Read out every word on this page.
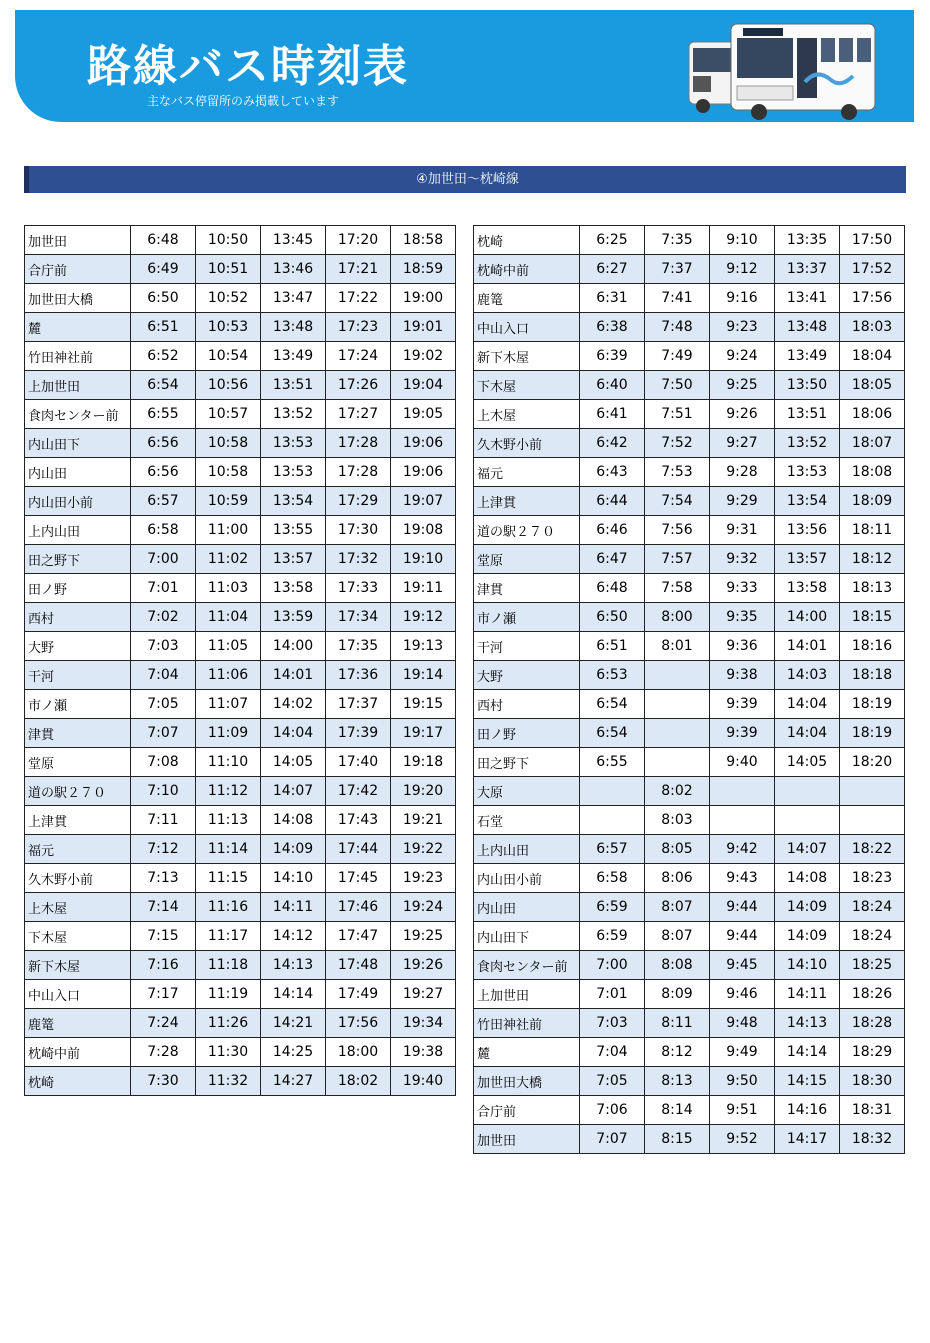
路線バス時刻表
主なバス停留所のみ掲載しています
④加世田～枕崎線
加世田	6:48	10:50	13:45	17:20	18:58
合庁前	6:49	10:51	13:46	17:21	18:59
加世田大橋	6:50	10:52	13:47	17:22	19:00
麓	6:51	10:53	13:48	17:23	19:01
竹田神社前	6:52	10:54	13:49	17:24	19:02
上加世田	6:54	10:56	13:51	17:26	19:04
食肉センター前	6:55	10:57	13:52	17:27	19:05
内山田下	6:56	10:58	13:53	17:28	19:06
内山田	6:56	10:58	13:53	17:28	19:06
内山田小前	6:57	10:59	13:54	17:29	19:07
上内山田	6:58	11:00	13:55	17:30	19:08
田之野下	7:00	11:02	13:57	17:32	19:10
田ノ野	7:01	11:03	13:58	17:33	19:11
西村	7:02	11:04	13:59	17:34	19:12
大野	7:03	11:05	14:00	17:35	19:13
干河	7:04	11:06	14:01	17:36	19:14
市ノ瀬	7:05	11:07	14:02	17:37	19:15
津貫	7:07	11:09	14:04	17:39	19:17
堂原	7:08	11:10	14:05	17:40	19:18
道の駅２７０	7:10	11:12	14:07	17:42	19:20
上津貫	7:11	11:13	14:08	17:43	19:21
福元	7:12	11:14	14:09	17:44	19:22
久木野小前	7:13	11:15	14:10	17:45	19:23
上木屋	7:14	11:16	14:11	17:46	19:24
下木屋	7:15	11:17	14:12	17:47	19:25
新下木屋	7:16	11:18	14:13	17:48	19:26
中山入口	7:17	11:19	14:14	17:49	19:27
鹿篭	7:24	11:26	14:21	17:56	19:34
枕崎中前	7:28	11:30	14:25	18:00	19:38
枕崎	7:30	11:32	14:27	18:02	19:40
枕崎	6:25	7:35	9:10	13:35	17:50
枕崎中前	6:27	7:37	9:12	13:37	17:52
鹿篭	6:31	7:41	9:16	13:41	17:56
中山入口	6:38	7:48	9:23	13:48	18:03
新下木屋	6:39	7:49	9:24	13:49	18:04
下木屋	6:40	7:50	9:25	13:50	18:05
上木屋	6:41	7:51	9:26	13:51	18:06
久木野小前	6:42	7:52	9:27	13:52	18:07
福元	6:43	7:53	9:28	13:53	18:08
上津貫	6:44	7:54	9:29	13:54	18:09
道の駅２７０	6:46	7:56	9:31	13:56	18:11
堂原	6:47	7:57	9:32	13:57	18:12
津貫	6:48	7:58	9:33	13:58	18:13
市ノ瀬	6:50	8:00	9:35	14:00	18:15
干河	6:51	8:01	9:36	14:01	18:16
大野	6:53		9:38	14:03	18:18
西村	6:54		9:39	14:04	18:19
田ノ野	6:54		9:39	14:04	18:19
田之野下	6:55		9:40	14:05	18:20
大原		8:02			
石堂		8:03			
上内山田	6:57	8:05	9:42	14:07	18:22
内山田小前	6:58	8:06	9:43	14:08	18:23
内山田	6:59	8:07	9:44	14:09	18:24
内山田下	6:59	8:07	9:44	14:09	18:24
食肉センター前	7:00	8:08	9:45	14:10	18:25
上加世田	7:01	8:09	9:46	14:11	18:26
竹田神社前	7:03	8:11	9:48	14:13	18:28
麓	7:04	8:12	9:49	14:14	18:29
加世田大橋	7:05	8:13	9:50	14:15	18:30
合庁前	7:06	8:14	9:51	14:16	18:31
加世田	7:07	8:15	9:52	14:17	18:32
